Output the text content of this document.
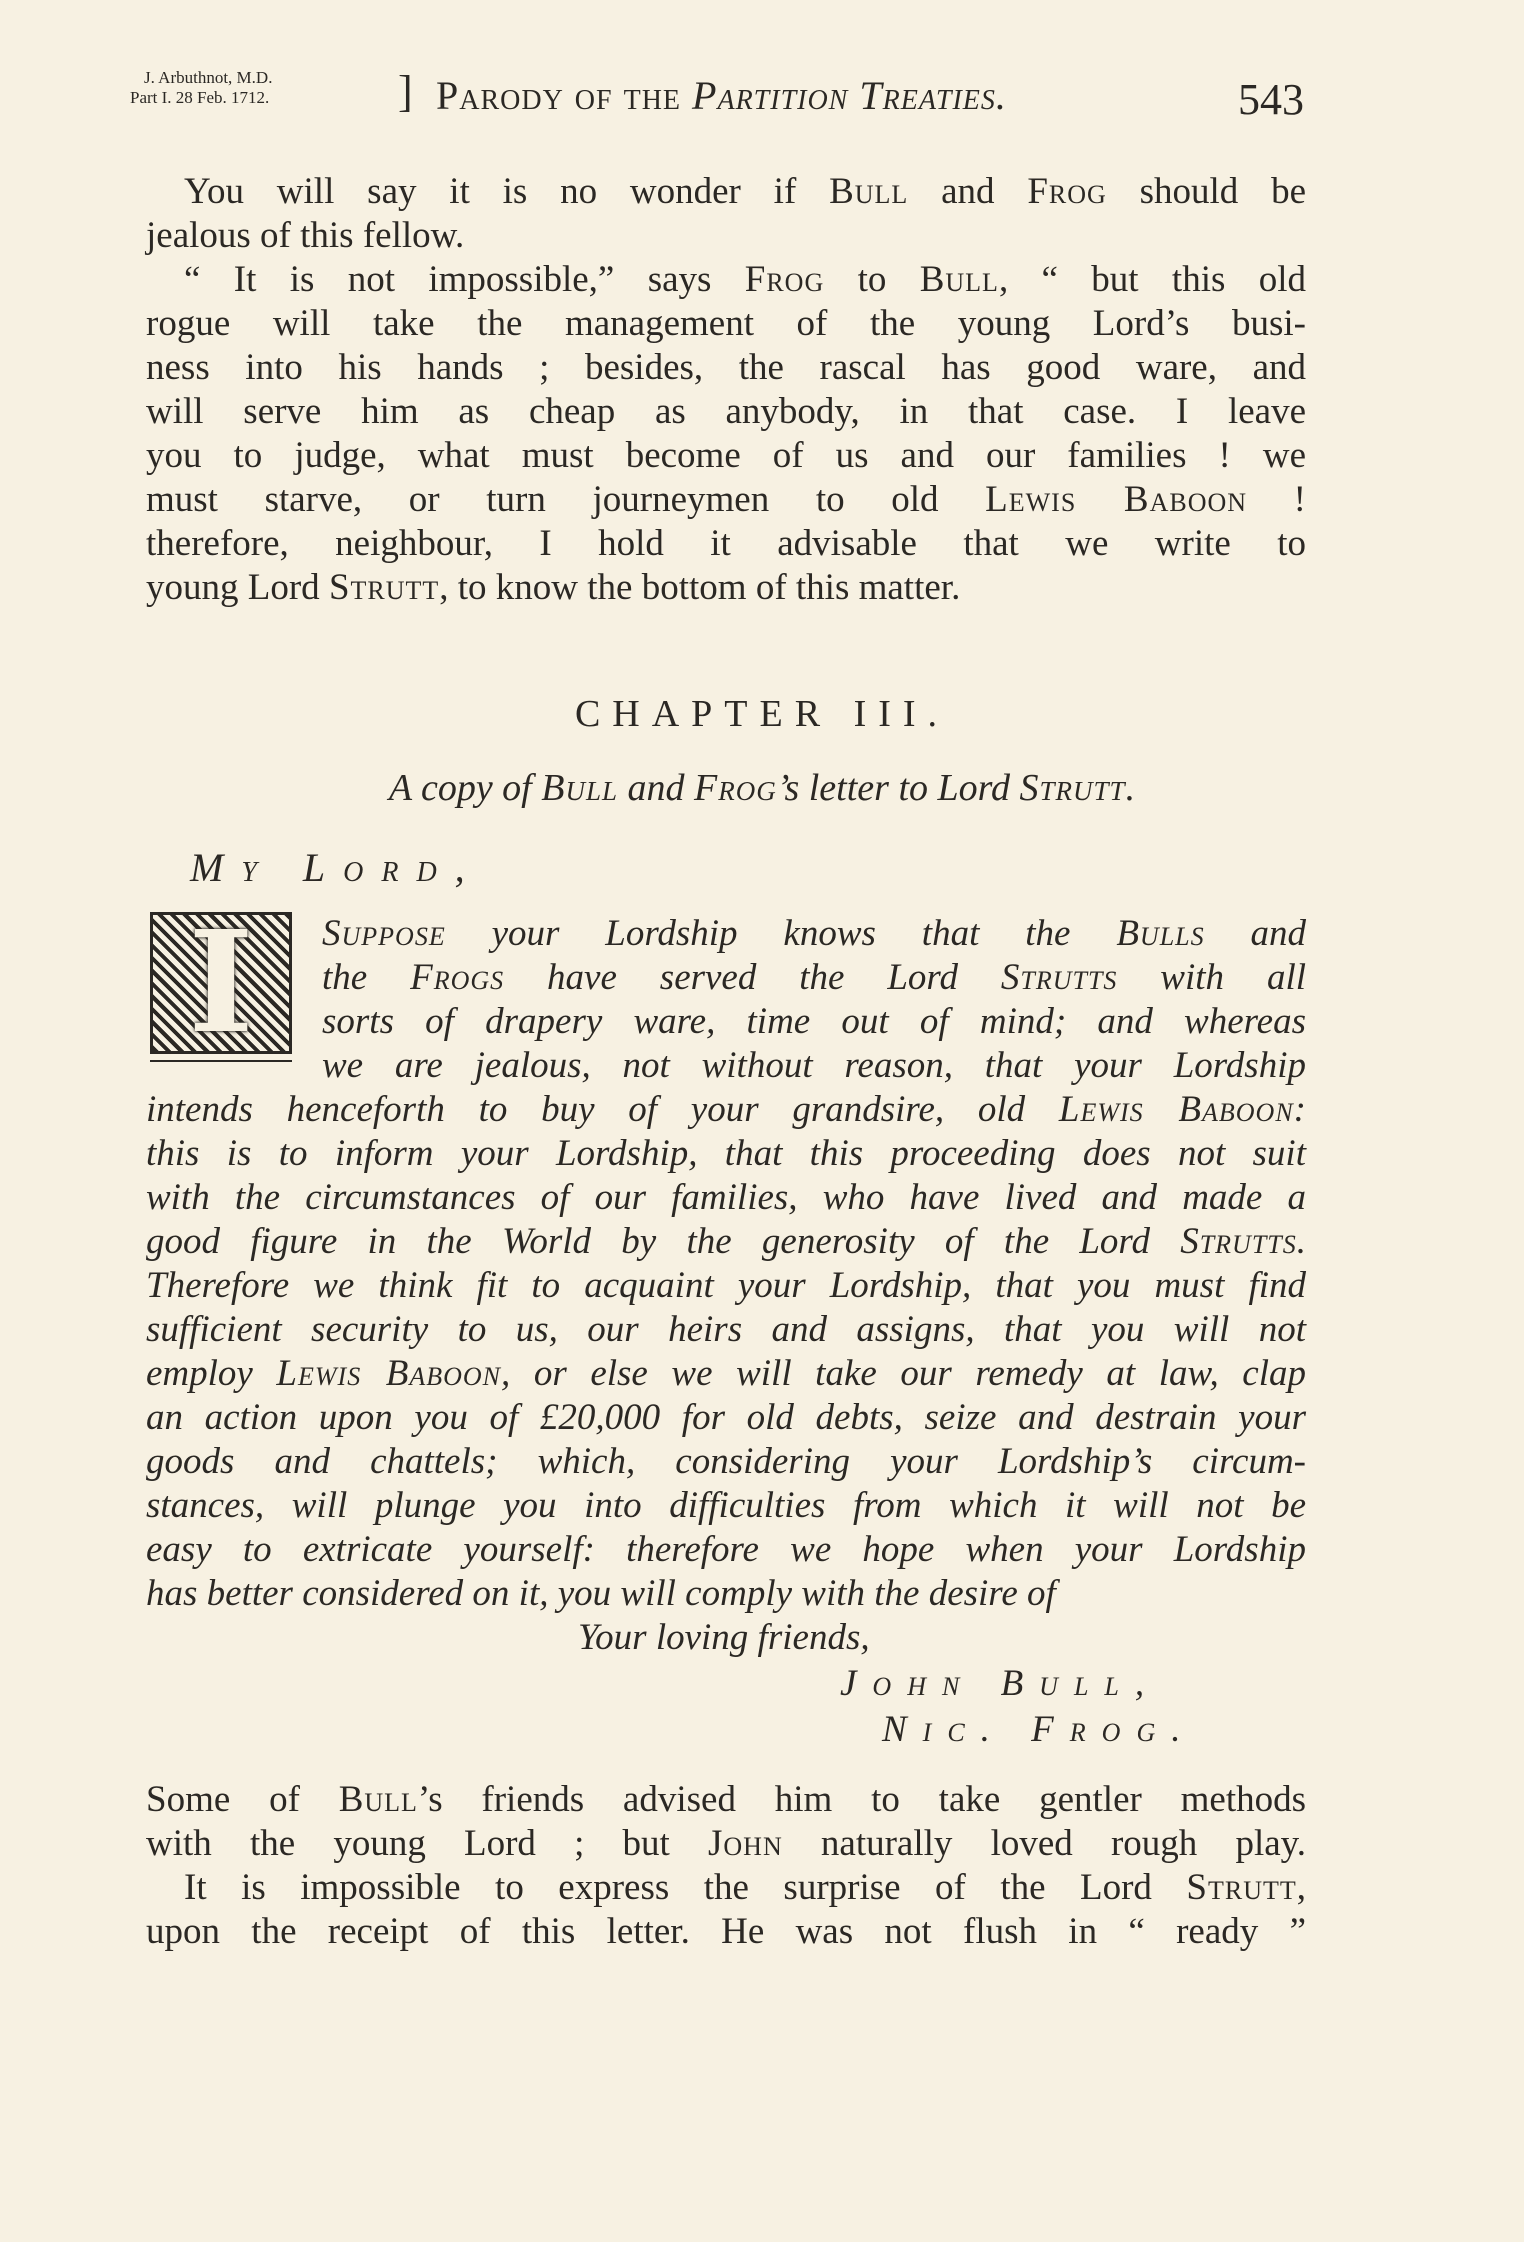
J. Arbuthnot, M.D.
Part I. 28 Feb. 1712.	] Parody of the Partition Treaties.	543
You will say it is no wonder if Bull and Frog should be
jealous of this fellow.
“ It is not impossible,” says Frog to Bull, “ but this old
rogue will take the management of the young Lord’s busi-
ness into his hands ; besides, the rascal has good ware, and
will serve him as cheap as anybody, in that case. I leave
you to judge, what must become of us and our families ! we
must starve, or turn journeymen to old Lewis Baboon !
therefore, neighbour, I hold it advisable that we write to
young Lord Strutt, to know the bottom of this matter.
CHAPTER III.
A copy of Bull and Frog’s letter to Lord Strutt.
My Lord,
I	Suppose your Lordship knows that the Bulls and
the Frogs have served the Lord Strutts with all
sorts of drapery ware, time out of mind; and whereas
we are jealous, not without reason, that your Lordship
intends henceforth to buy of your grandsire, old Lewis Baboon:
this is to inform your Lordship, that this proceeding does not suit
with the circumstances of our families, who have lived and made a
good figure in the World by the generosity of the Lord Strutts.
Therefore we think fit to acquaint your Lordship, that you must find
sufficient security to us, our heirs and assigns, that you will not
employ Lewis Baboon, or else we will take our remedy at law, clap
an action upon you of £20,000 for old debts, seize and destrain your
goods and chattels; which, considering your Lordship’s circum-
stances, will plunge you into difficulties from which it will not be
easy to extricate yourself: therefore we hope when your Lordship
has better considered on it, you will comply with the desire of
Your loving friends,
John Bull,
Nic. Frog.
Some of Bull’s friends advised him to take gentler methods
with the young Lord ; but John naturally loved rough play.
It is impossible to express the surprise of the Lord Strutt,
upon the receipt of this letter. He was not flush in “ ready ”
